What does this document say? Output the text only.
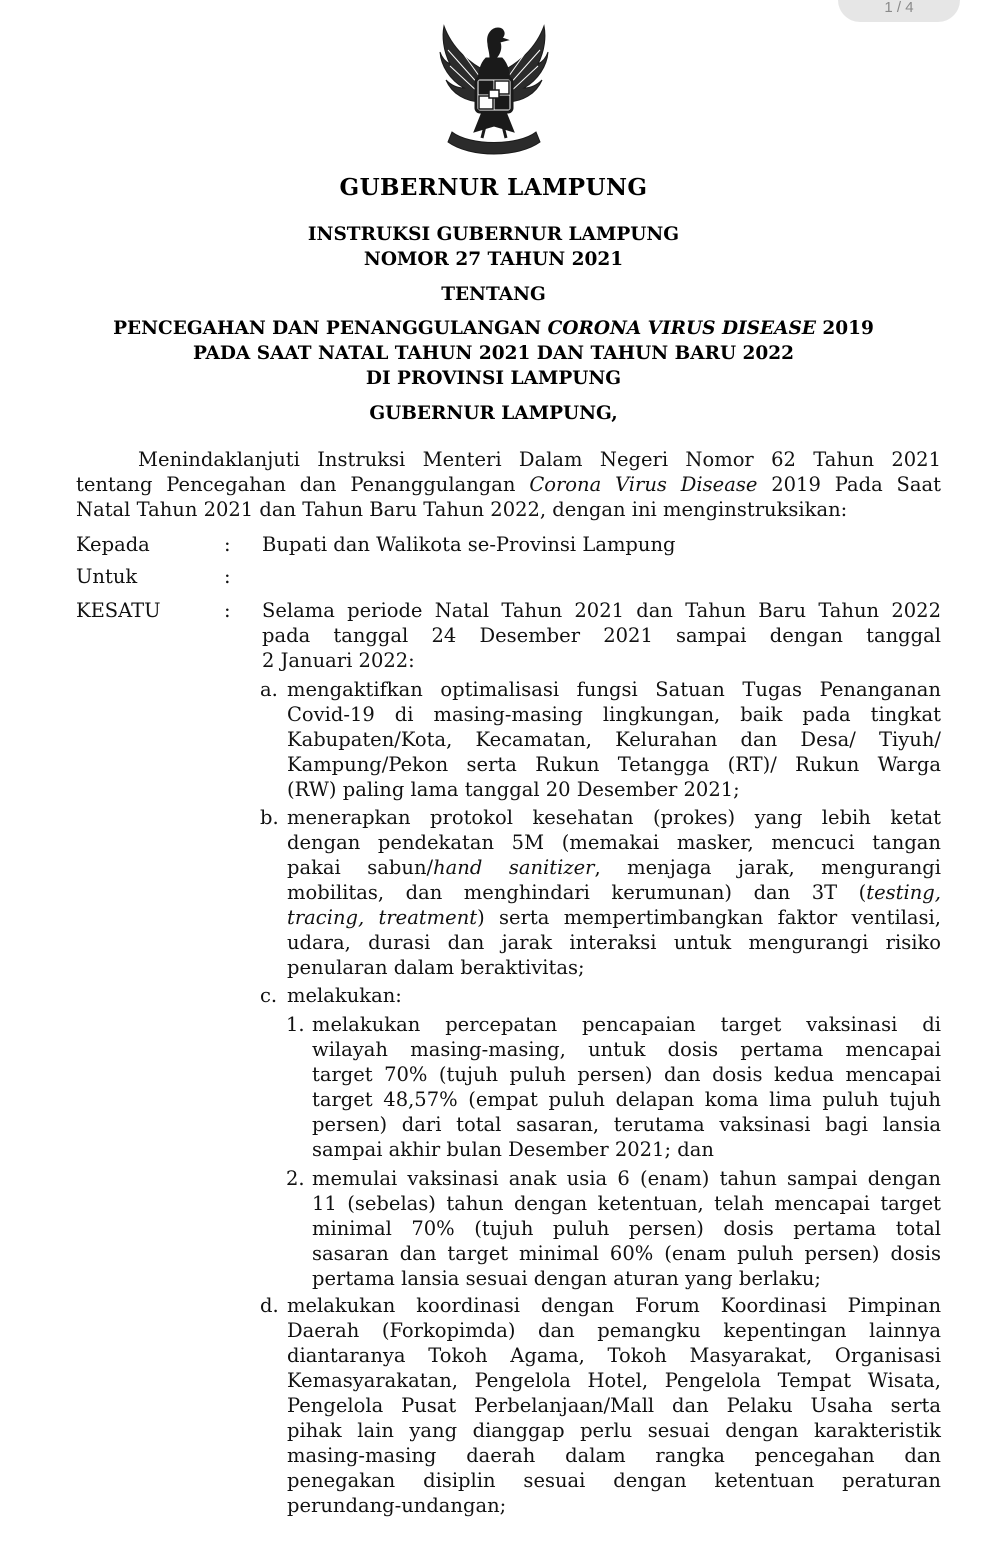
1 / 4
GUBERNUR LAMPUNG
INSTRUKSI GUBERNUR LAMPUNG
NOMOR 27 TAHUN 2021
TENTANG
PENCEGAHAN DAN PENANGGULANGAN CORONA VIRUS DISEASE 2019
PADA SAAT NATAL TAHUN 2021 DAN TAHUN BARU 2022
DI PROVINSI LAMPUNG
GUBERNUR LAMPUNG,
Menindaklanjuti Instruksi Menteri Dalam Negeri Nomor 62 Tahun 2021
tentang Pencegahan dan Penanggulangan Corona Virus Disease 2019 Pada Saat
Natal Tahun 2021 dan Tahun Baru Tahun 2022, dengan ini menginstruksikan:
Kepada	: Bupati dan Walikota se-Provinsi Lampung
Untuk	:
KESATU	: Selama periode Natal Tahun 2021 dan Tahun Baru Tahun 2022
pada tanggal 24 Desember 2021 sampai dengan tanggal
2 Januari 2022:
a. mengaktifkan optimalisasi fungsi Satuan Tugas Penanganan
Covid-19 di masing-masing lingkungan, baik pada tingkat
Kabupaten/Kota, Kecamatan, Kelurahan dan Desa/ Tiyuh/
Kampung/Pekon serta Rukun Tetangga (RT)/ Rukun Warga
(RW) paling lama tanggal 20 Desember 2021;
b. menerapkan protokol kesehatan (prokes) yang lebih ketat
dengan pendekatan 5M (memakai masker, mencuci tangan
pakai sabun/hand sanitizer, menjaga jarak, mengurangi
mobilitas, dan menghindari kerumunan) dan 3T (testing,
tracing, treatment) serta mempertimbangkan faktor ventilasi,
udara, durasi dan jarak interaksi untuk mengurangi risiko
penularan dalam beraktivitas;
c. melakukan:
1. melakukan percepatan pencapaian target vaksinasi di
wilayah masing-masing, untuk dosis pertama mencapai
target 70% (tujuh puluh persen) dan dosis kedua mencapai
target 48,57% (empat puluh delapan koma lima puluh tujuh
persen) dari total sasaran, terutama vaksinasi bagi lansia
sampai akhir bulan Desember 2021; dan
2. memulai vaksinasi anak usia 6 (enam) tahun sampai dengan
11 (sebelas) tahun dengan ketentuan, telah mencapai target
minimal 70% (tujuh puluh persen) dosis pertama total
sasaran dan target minimal 60% (enam puluh persen) dosis
pertama lansia sesuai dengan aturan yang berlaku;
d. melakukan koordinasi dengan Forum Koordinasi Pimpinan
Daerah (Forkopimda) dan pemangku kepentingan lainnya
diantaranya Tokoh Agama, Tokoh Masyarakat, Organisasi
Kemasyarakatan, Pengelola Hotel, Pengelola Tempat Wisata,
Pengelola Pusat Perbelanjaan/Mall dan Pelaku Usaha serta
pihak lain yang dianggap perlu sesuai dengan karakteristik
masing-masing daerah dalam rangka pencegahan dan
penegakan disiplin sesuai dengan ketentuan peraturan
perundang-undangan;
